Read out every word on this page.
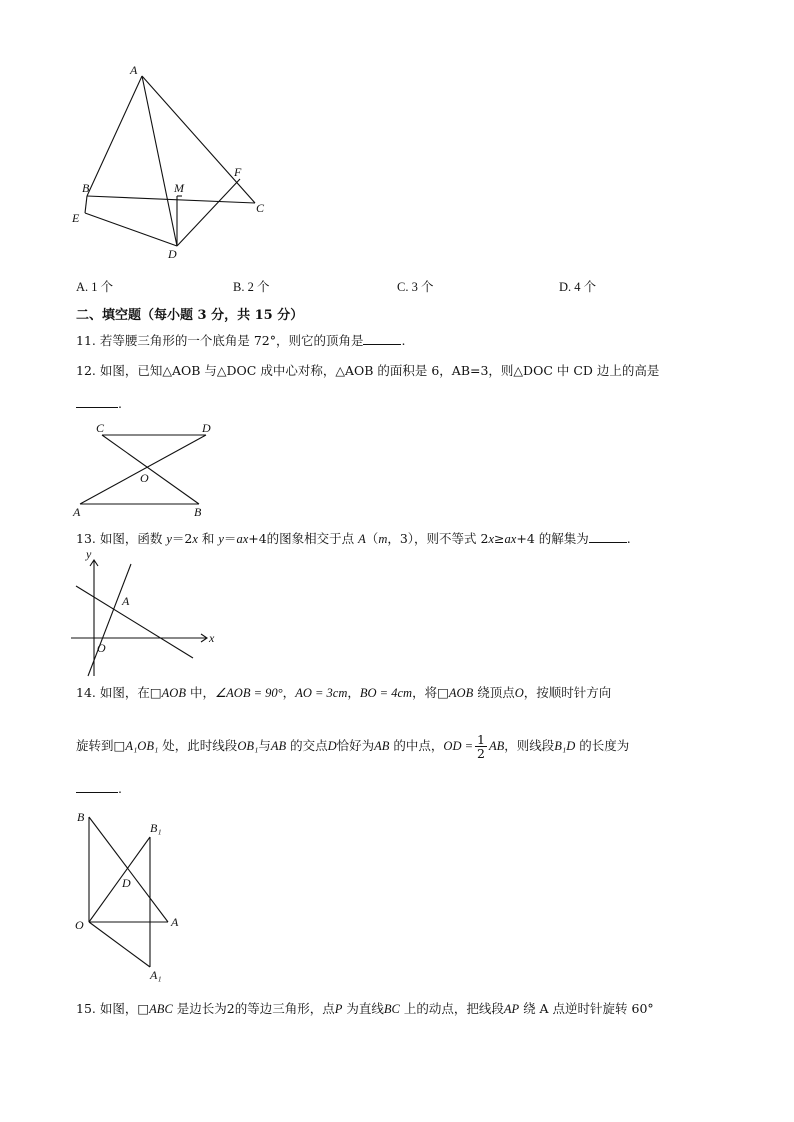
A
B
C
D
E
F
M
A. 1 个	B. 2 个	C. 3 个	D. 4 个
二、填空题（每小题 3 分，共 15 分）
11. 若等腰三角形的一个底角是 72°，则它的顶角是	.
12. 如图，已知△AOB 与△DOC 成中心对称，△AOB 的面积是 6，AB=3，则△DOC 中 CD 边上的高是
.
C	D
O
A	B
13. 如图，函数 y＝2x 和 y＝ax+4的图象相交于点 A（m，3），则不等式 2x≥ax+4 的解集为	.
y
x
A
O
14. 如图，在□AOB 中，∠AOB = 90°，AO = 3cm，BO = 4cm，将□AOB 绕顶点O，按顺时针方向
旋转到□A₁OB₁ 处，此时线段OB₁与AB 的交点D恰好为AB 的中点，OD = $\frac{1}{2}$ AB，则线段B₁D 的长度为
.
B
B₁
D
O	A
A₁
15. 如图，□ABC 是边长为2的等边三角形，点P 为直线BC 上的动点，把线段AP 绕 A 点逆时针旋转 60°
